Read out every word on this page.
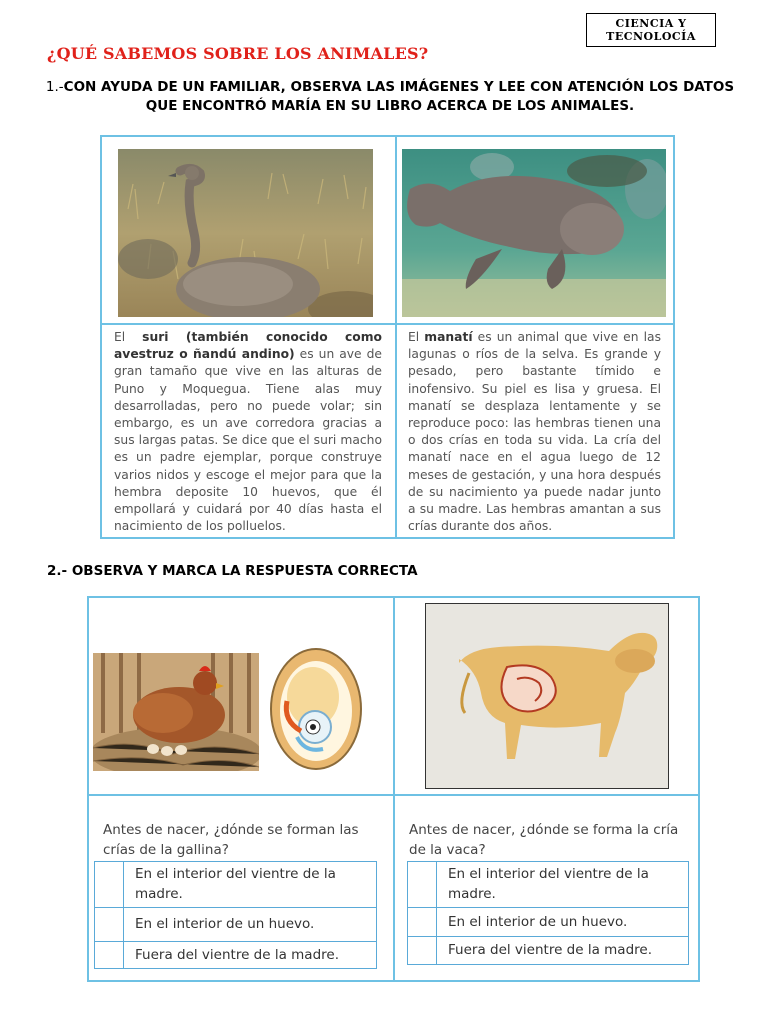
CIENCIA Y
TECNOLOCÍA
¿QUÉ SABEMOS SOBRE LOS ANIMALES?
1.-CON AYUDA DE UN FAMILIAR, OBSERVA LAS IMÁGENES Y LEE CON ATENCIÓN LOS DATOS QUE ENCONTRÓ MARÍA EN SU LIBRO ACERCA DE LOS ANIMALES.
El suri (también conocido como avestruz o ñandú andino) es un ave de gran tamaño que vive en las alturas de Puno y Moquegua. Tiene alas muy desarrolladas, pero no puede volar; sin embargo, es un ave corredora gracias a sus largas patas. Se dice que el suri macho es un padre ejemplar, porque construye varios nidos y escoge el mejor para que la hembra deposite 10 huevos, que él empollará y cuidará por 40 días hasta el nacimiento de los polluelos.
El manatí es un animal que vive en las lagunas o ríos de la selva. Es grande y pesado, pero bastante tímido e inofensivo. Su piel es lisa y gruesa. El manatí se desplaza lentamente y se reproduce poco: las hembras tienen una o dos crías en toda su vida. La cría del manatí nace en el agua luego de 12 meses de gestación, y una hora después de su nacimiento ya puede nadar junto a su madre. Las hembras amantan a sus crías durante dos años.
2.- OBSERVA Y MARCA LA RESPUESTA CORRECTA
Antes de nacer, ¿dónde se forman las crías de la gallina?
En el interior del vientre de la madre.
En el interior de un huevo.
Fuera del vientre de la madre.
Antes de nacer, ¿dónde se forma la cría de la vaca?
En el interior del vientre de la madre.
En el interior de un huevo.
Fuera del vientre de la madre.
